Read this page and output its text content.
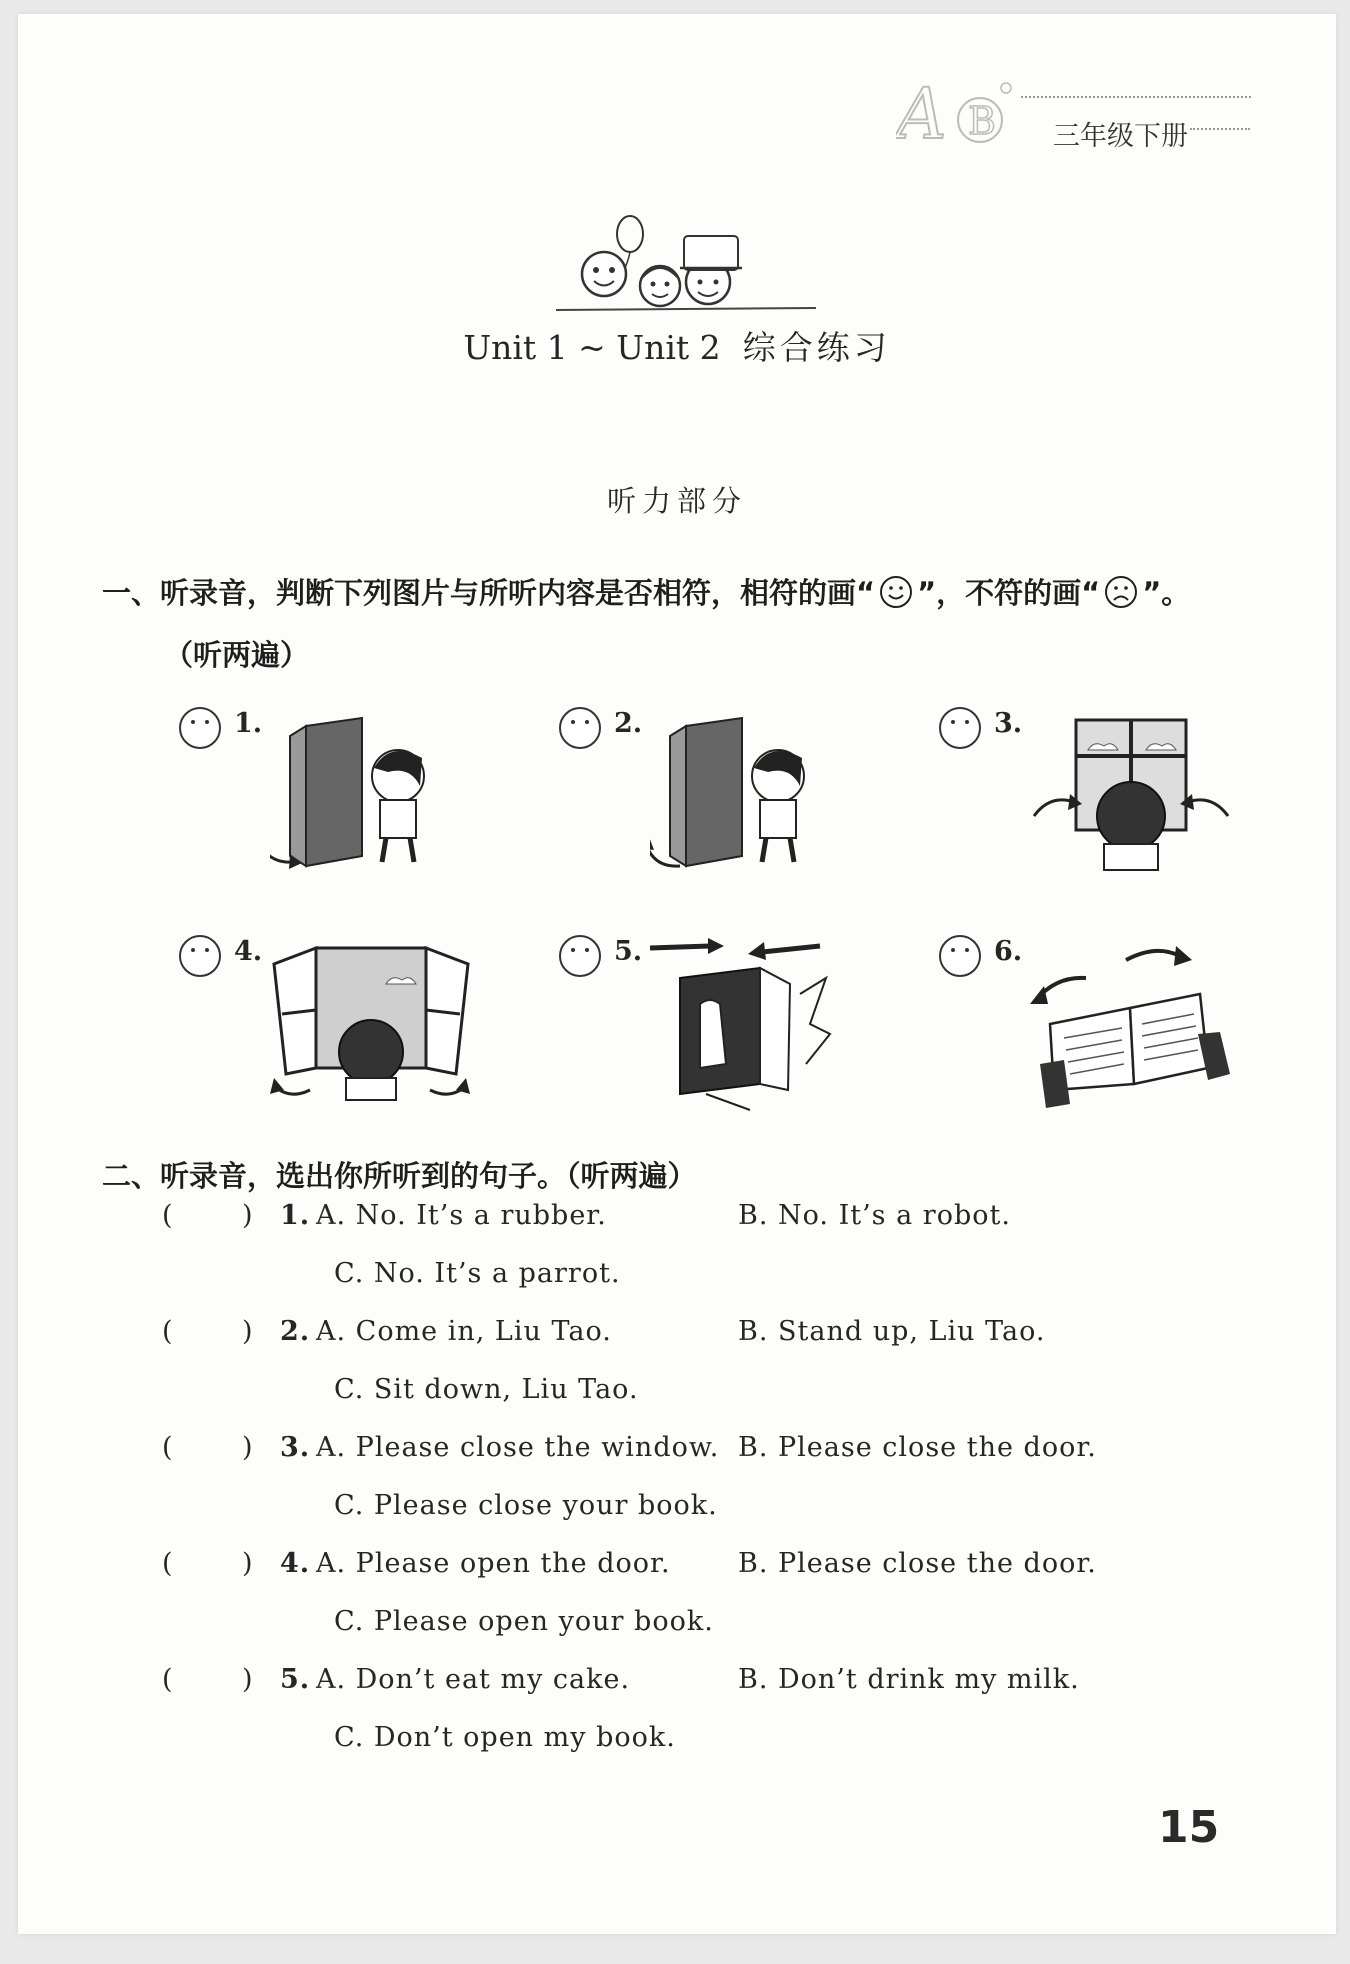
A B 三年级下册
Unit 1 ~ Unit 2 综合练习
听力部分
一、听录音，判断下列图片与所听内容是否相符，相符的画“ ”，不符的画“ ”。
（听两遍）
1.	2.	3.
4.	5.	6.
二、听录音，选出你所听到的句子。（听两遍）
(	) 1. A. No. It’s a rubber.	B. No. It’s a robot.
C. No. It’s a parrot.
(	) 2. A. Come in, Liu Tao.	B. Stand up, Liu Tao.
C. Sit down, Liu Tao.
(	) 3. A. Please close the window. B. Please close the door.
C. Please close your book.
(	) 4. A. Please open the door. B. Please close the door.
C. Please open your book.
(	) 5. A. Don’t eat my cake.	B. Don’t drink my milk.
C. Don’t open my book.
15
